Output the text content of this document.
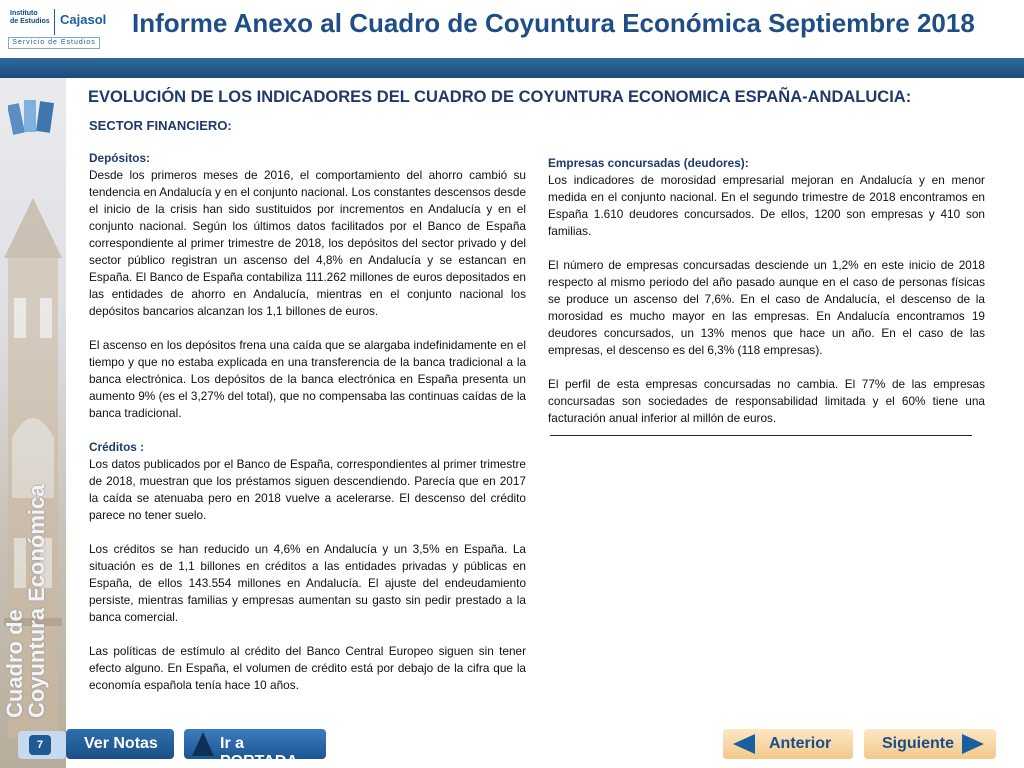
Instituto
de Estudios Cajasol
Servicio de Estudios
Informe Anexo al Cuadro de Coyuntura Económica Septiembre 2018
Cuadro de
Coyuntura Económica
EVOLUCIÓN DE LOS INDICADORES DEL CUADRO DE COYUNTURA ECONOMICA ESPAÑA-ANDALUCIA:
SECTOR FINANCIERO:
Depósitos:

Desde los primeros meses de 2016, el comportamiento del ahorro cambió su tendencia en Andalucía y en el conjunto nacional. Los constantes descensos desde el inicio de la crisis han sido sustituidos por incrementos en Andalucía y en el conjunto nacional. Según los últimos datos facilitados por el Banco de España correspondiente al primer trimestre de 2018, los depósitos del sector privado y del sector público registran un ascenso del 4,8% en Andalucía y se estancan en España. El Banco de España contabiliza 111.262 millones de euros depositados en las entidades de ahorro en Andalucía, mientras en el conjunto nacional los depósitos bancarios alcanzan los 1,1 billones de euros.

El ascenso en los depósitos frena una caída que se alargaba indefinidamente en el tiempo y que no estaba explicada en una transferencia de la banca tradicional a la banca electrónica. Los depósitos de la banca electrónica en España presenta un aumento 9% (es el 3,27% del total), que no compensaba las continuas caídas de la banca tradicional.

Créditos :

Los datos publicados por el Banco de España, correspondientes al primer trimestre de 2018, muestran que los préstamos siguen descendiendo. Parecía que en 2017 la caída se atenuaba pero en 2018 vuelve a acelerarse. El descenso del crédito parece no tener suelo.

Los créditos se han reducido un 4,6% en Andalucía y un 3,5% en España. La situación es de 1,1 billones en créditos a las entidades privadas y públicas en España, de ellos 143.554 millones en Andalucía. El ajuste del endeudamiento persiste, mientras familias y empresas aumentan su gasto sin pedir prestado a la banca comercial.

Las políticas de estímulo al crédito del Banco Central Europeo siguen sin tener efecto alguno. En España, el volumen de crédito está por debajo de la cifra que la economía española tenía hace 10 años.

Empresas concursadas (deudores):

Los indicadores de morosidad empresarial mejoran en Andalucía y en menor medida en el conjunto nacional. En el segundo trimestre de 2018 encontramos en España 1.610 deudores concursados. De ellos, 1200 son empresas y 410 son familias.

El número de empresas concursadas desciende un 1,2% en este inicio de 2018 respecto al mismo periodo del año pasado aunque en el caso de personas físicas se produce un ascenso del 7,6%. En el caso de Andalucía, el descenso de la morosidad es mucho mayor en las empresas. En Andalucía encontramos 19 deudores concursados, un 13% menos que hace un año. En el caso de las empresas, el descenso es del 6,3% (118 empresas).

El perfil de esta empresas concursadas no cambia. El 77% de las empresas concursadas son sociedades de responsabilidad limitada y el 60% tiene una facturación anual inferior al millón de euros.

7	Ver Notas	Ir a PORTADA
Anterior	Siguiente
